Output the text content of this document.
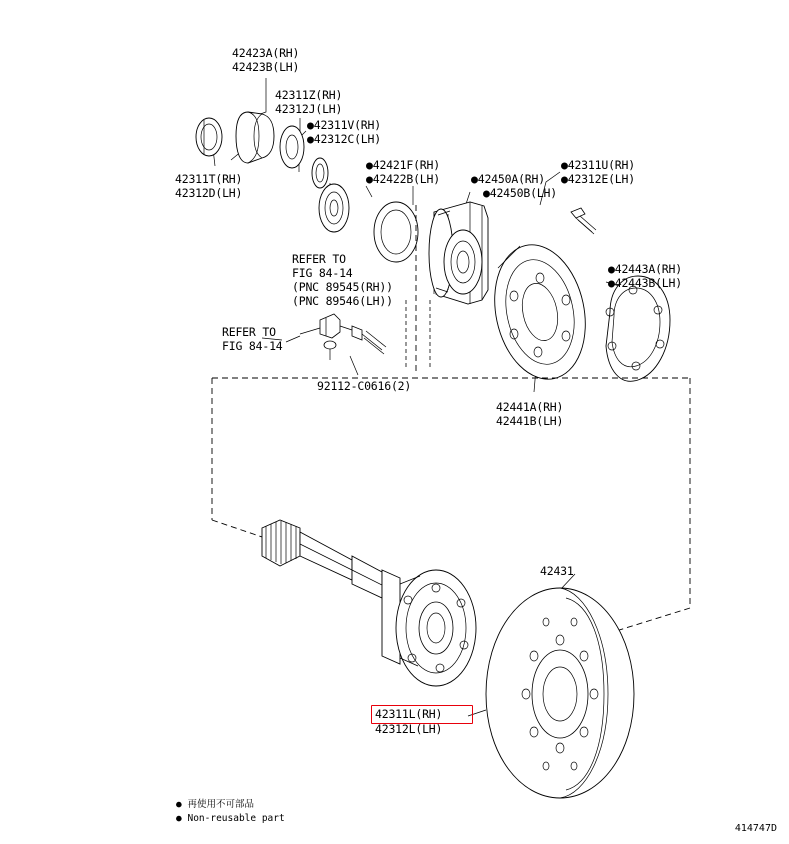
42423A(RH)
42423B(LH)
42311Z(RH)
42312J(LH)
●42311V(RH)
●42312C(LH)
42311T(RH)
42312D(LH)
●42421F(RH)
●42422B(LH)	●42450A(RH)
●42450B(LH)
●42311U(RH)
●42312E(LH)
REFER TO
FIG 84-14
(PNC 89545(RH))
(PNC 89546(LH))
REFER TO
FIG 84-14
●42443A(RH)
●42443B(LH)
92112-C0616(2)
42441A(RH)
42441B(LH)
42431
42311L(RH)
42312L(LH)
● 再使用不可部品
● Non-reusable part
414747D
